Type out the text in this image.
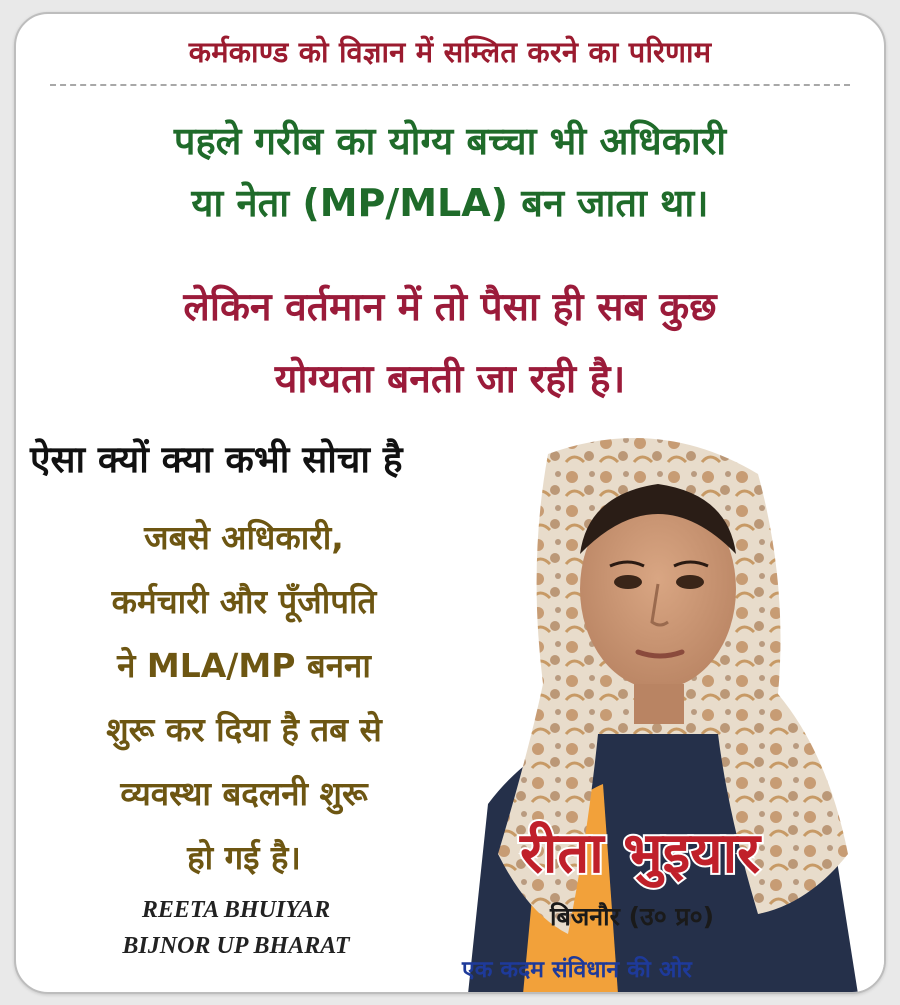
कर्मकाण्ड को विज्ञान में सम्लित करने का परिणाम
पहले गरीब का योग्य बच्चा भी अधिकारी
या नेता (MP/MLA) बन जाता था।
लेकिन वर्तमान में तो पैसा ही सब कुछ
योग्यता बनती जा रही है।
ऐसा क्यों क्या कभी सोचा है
जबसे अधिकारी,
कर्मचारी और पूँजीपति
ने MLA/MP बनना
शुरू कर दिया है तब से
व्यवस्था बदलनी शुरू
हो गई है।	रीता भुइयार
बिजनौर (उ० प्र०)
REETA BHUIYAR
BIJNOR UP BHARAT
एक कदम संविधान की ओर
